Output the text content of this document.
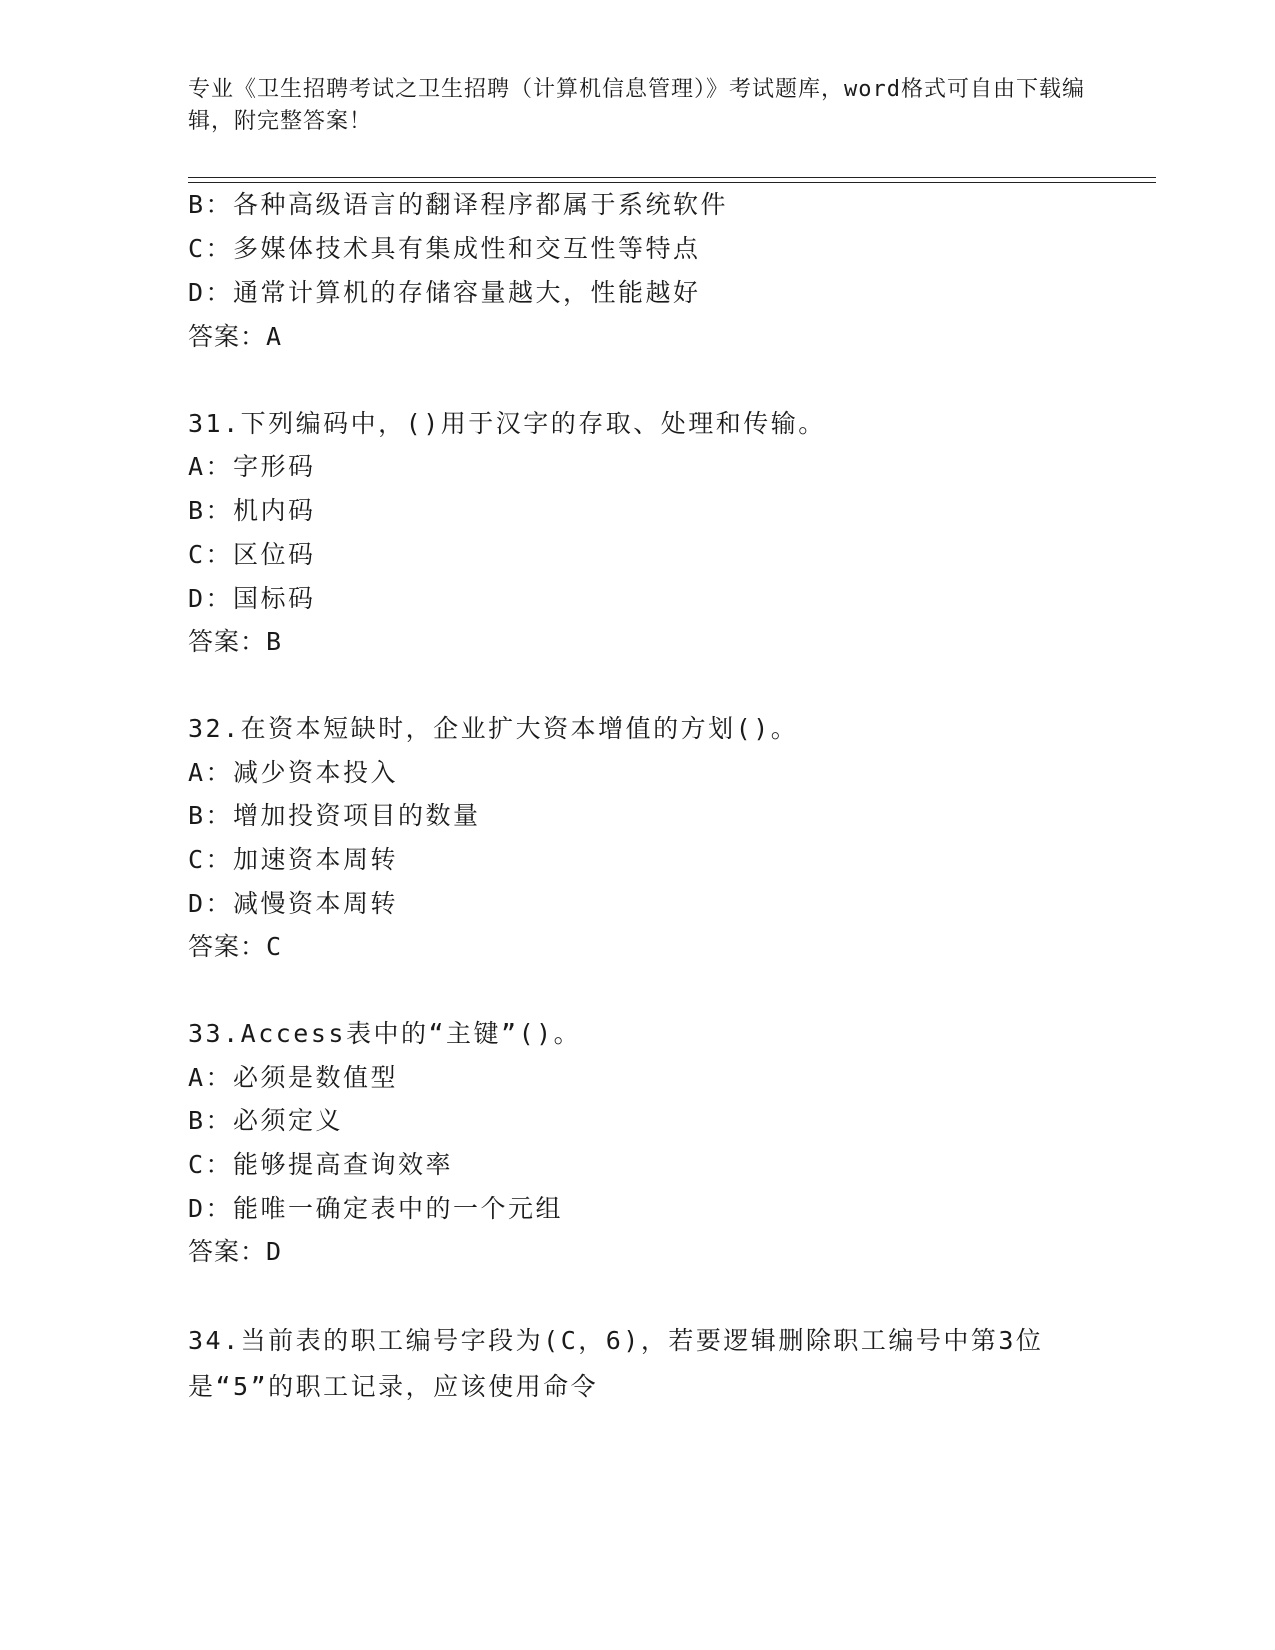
专业《卫生招聘考试之卫生招聘（计算机信息管理）》考试题库，word格式可自由下载编辑，附完整答案！
B：各种高级语言的翻译程序都属于系统软件
C：多媒体技术具有集成性和交互性等特点
D：通常计算机的存储容量越大，性能越好
答案：A
31.下列编码中，()用于汉字的存取、处理和传输。
A：字形码
B：机内码
C：区位码
D：国标码
答案：B
32.在资本短缺时，企业扩大资本增值的方划()。
A：减少资本投入
B：增加投资项目的数量
C：加速资本周转
D：减慢资本周转
答案：C
33.Access表中的“主键”()。
A：必须是数值型
B：必须定义
C：能够提高查询效率
D：能唯一确定表中的一个元组
答案：D
34.当前表的职工编号字段为(C，6)，若要逻辑删除职工编号中第3位是“5”的职工记录，应该使用命令
